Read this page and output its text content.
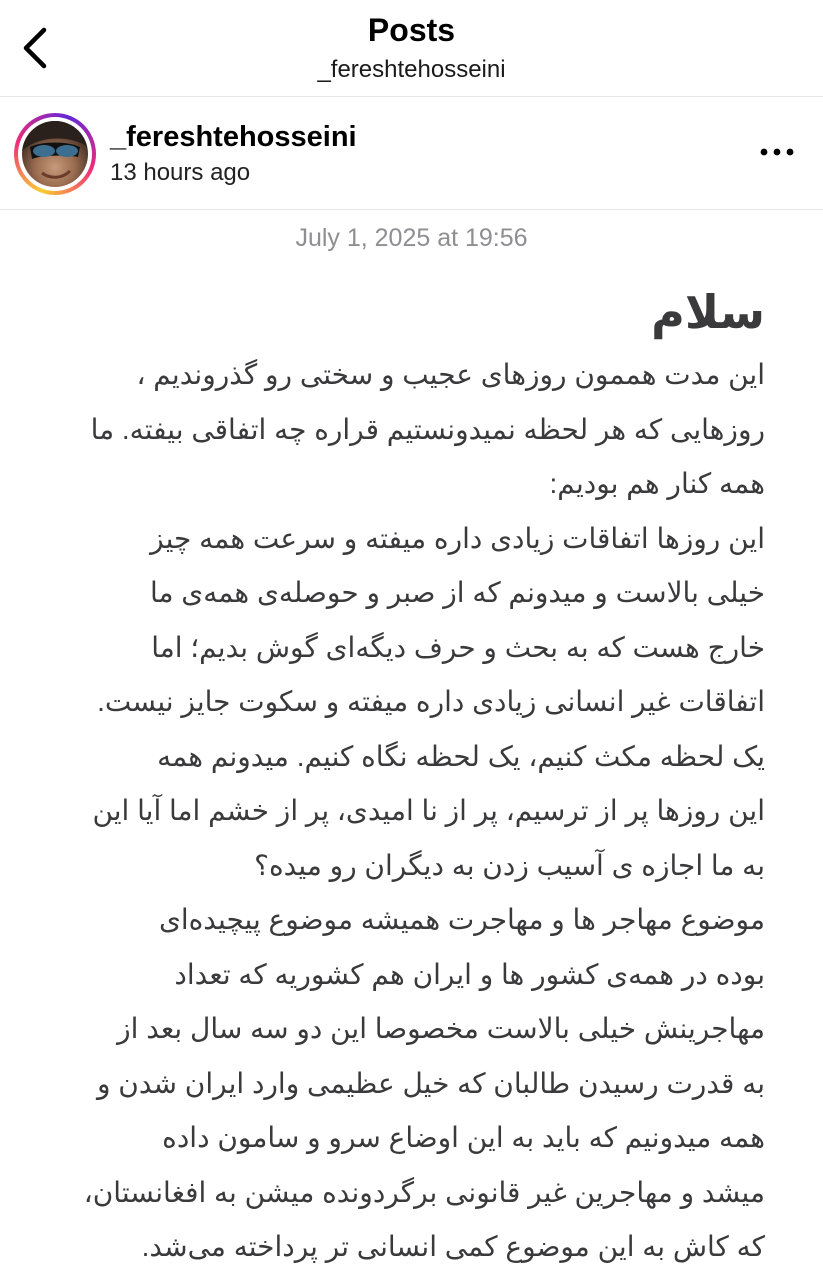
Posts
_fereshtehosseini
_fereshtehosseini
13 hours ago
July 1, 2025 at 19:56
سلام
این مدت هممون روزهای عجیب و سختی رو گذروندیم ،
روزهایی که هر لحظه نمیدونستیم قراره چه اتفاقی بیفته. ما
همه کنار هم بودیم:
این روزها اتفاقات زیادی داره میفته و سرعت همه چیز
خیلی بالاست و میدونم که از صبر و حوصله‌ی همه‌ی ما
خارج هست که به بحث و حرف دیگه‌ای گوش بدیم؛ اما
اتفاقات غیر انسانی زیادی داره میفته و سکوت جایز نیست.
یک لحظه مکث کنیم، یک لحظه نگاه کنیم. میدونم همه
این روزها پر از ترسیم، پر از نا امیدی، پر از خشم اما آیا این
به ما اجازه ی آسیب زدن به دیگران رو میده؟
موضوع مهاجر ها و مهاجرت همیشه موضوع پیچیده‌ای
بوده در همه‌ی کشور ها و ایران هم کشوریه که تعداد
مهاجرینش خیلی بالاست مخصوصا این دو سه سال بعد از
به قدرت رسیدن طالبان که خیل عظیمی وارد ایران شدن و
همه میدونیم که باید به این اوضاع سرو و سامون داده
میشد و مهاجرین غیر قانونی برگردونده میشن به افغانستان،
که کاش به این موضوع کمی انسانی تر پرداخته می‌شد.
